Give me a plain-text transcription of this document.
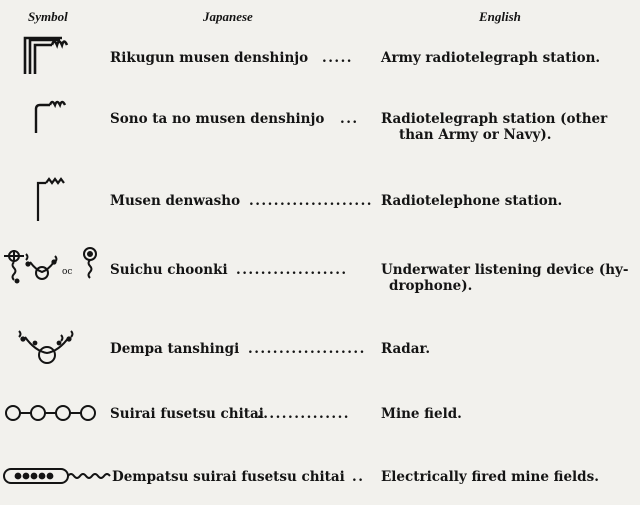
Symbol	Japanese	English
Rikugun musen denshinjo ..... Army radiotelegraph station.
Sono ta no musen denshinjo ... Radiotelegraph station (other
than Army or Navy).
Musen denwasho .................... Radiotelephone station.
oc	Suichu choonki .................. Underwater listening device (hy-
drophone).
Dempa tanshingi ................... Radar.
Suirai fusetsu chitai
............... Mine field.
Dempatsu suirai fusetsu chitai .. Electrically fired mine fields.
